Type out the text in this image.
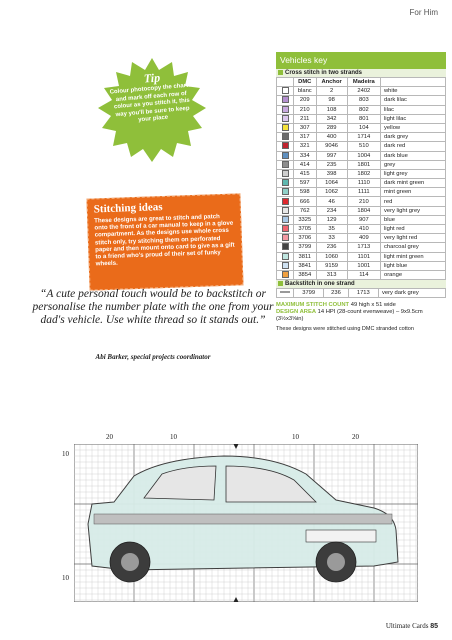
For Him
Tip
Colour photocopy the charts and mark off each row of colour as you stitch it, this way you'll be sure to keep your place
Stitching ideas
These designs are great to stitch and patch onto the front of a car manual to keep in a glove compartment. As the designs use whole cross stitch only, try stitching them on perforated paper and then mount onto card to give as a gift to a friend who's proud of their set of funky wheels.
“A cute personal touch would be to backstitch or personalise the number plate with the one from your dad's vehicle. Use white thread so it stands out.”
Abi Barker, special projects coordinator
Vehicles key
Cross stitch in two strands
	DMC	Anchor	Madeira	
	blanc	2	2402	white
	209	98	803	dark lilac
	210	108	802	lilac
	211	342	801	light lilac
	307	289	104	yellow
	317	400	1714	dark grey
	321	9046	510	dark red
	334	997	1004	dark blue
	414	235	1801	grey
	415	398	1802	light grey
	597	1064	1110	dark mint green
	598	1062	1111	mint green
	666	46	210	red
	762	234	1804	very light grey
	3325	129	907	blue
	3705	35	410	light red
	3706	33	409	very light red
	3799	236	1713	charcoal grey
	3811	1060	1101	light mint green
	3841	9159	1001	light blue
	3854	313	114	orange
Backstitch in one strand
	3799	236	1713	very dark grey
MAXIMUM STITCH COUNT 49 high x 51 wide
DESIGN AREA 14 HPI (28-count evenweave) – 9x9.5cm (3½x3⅝in)
These designs were stitched using DMC stranded cotton
20	10	10	20
10
10
Ultimate Cards 85
